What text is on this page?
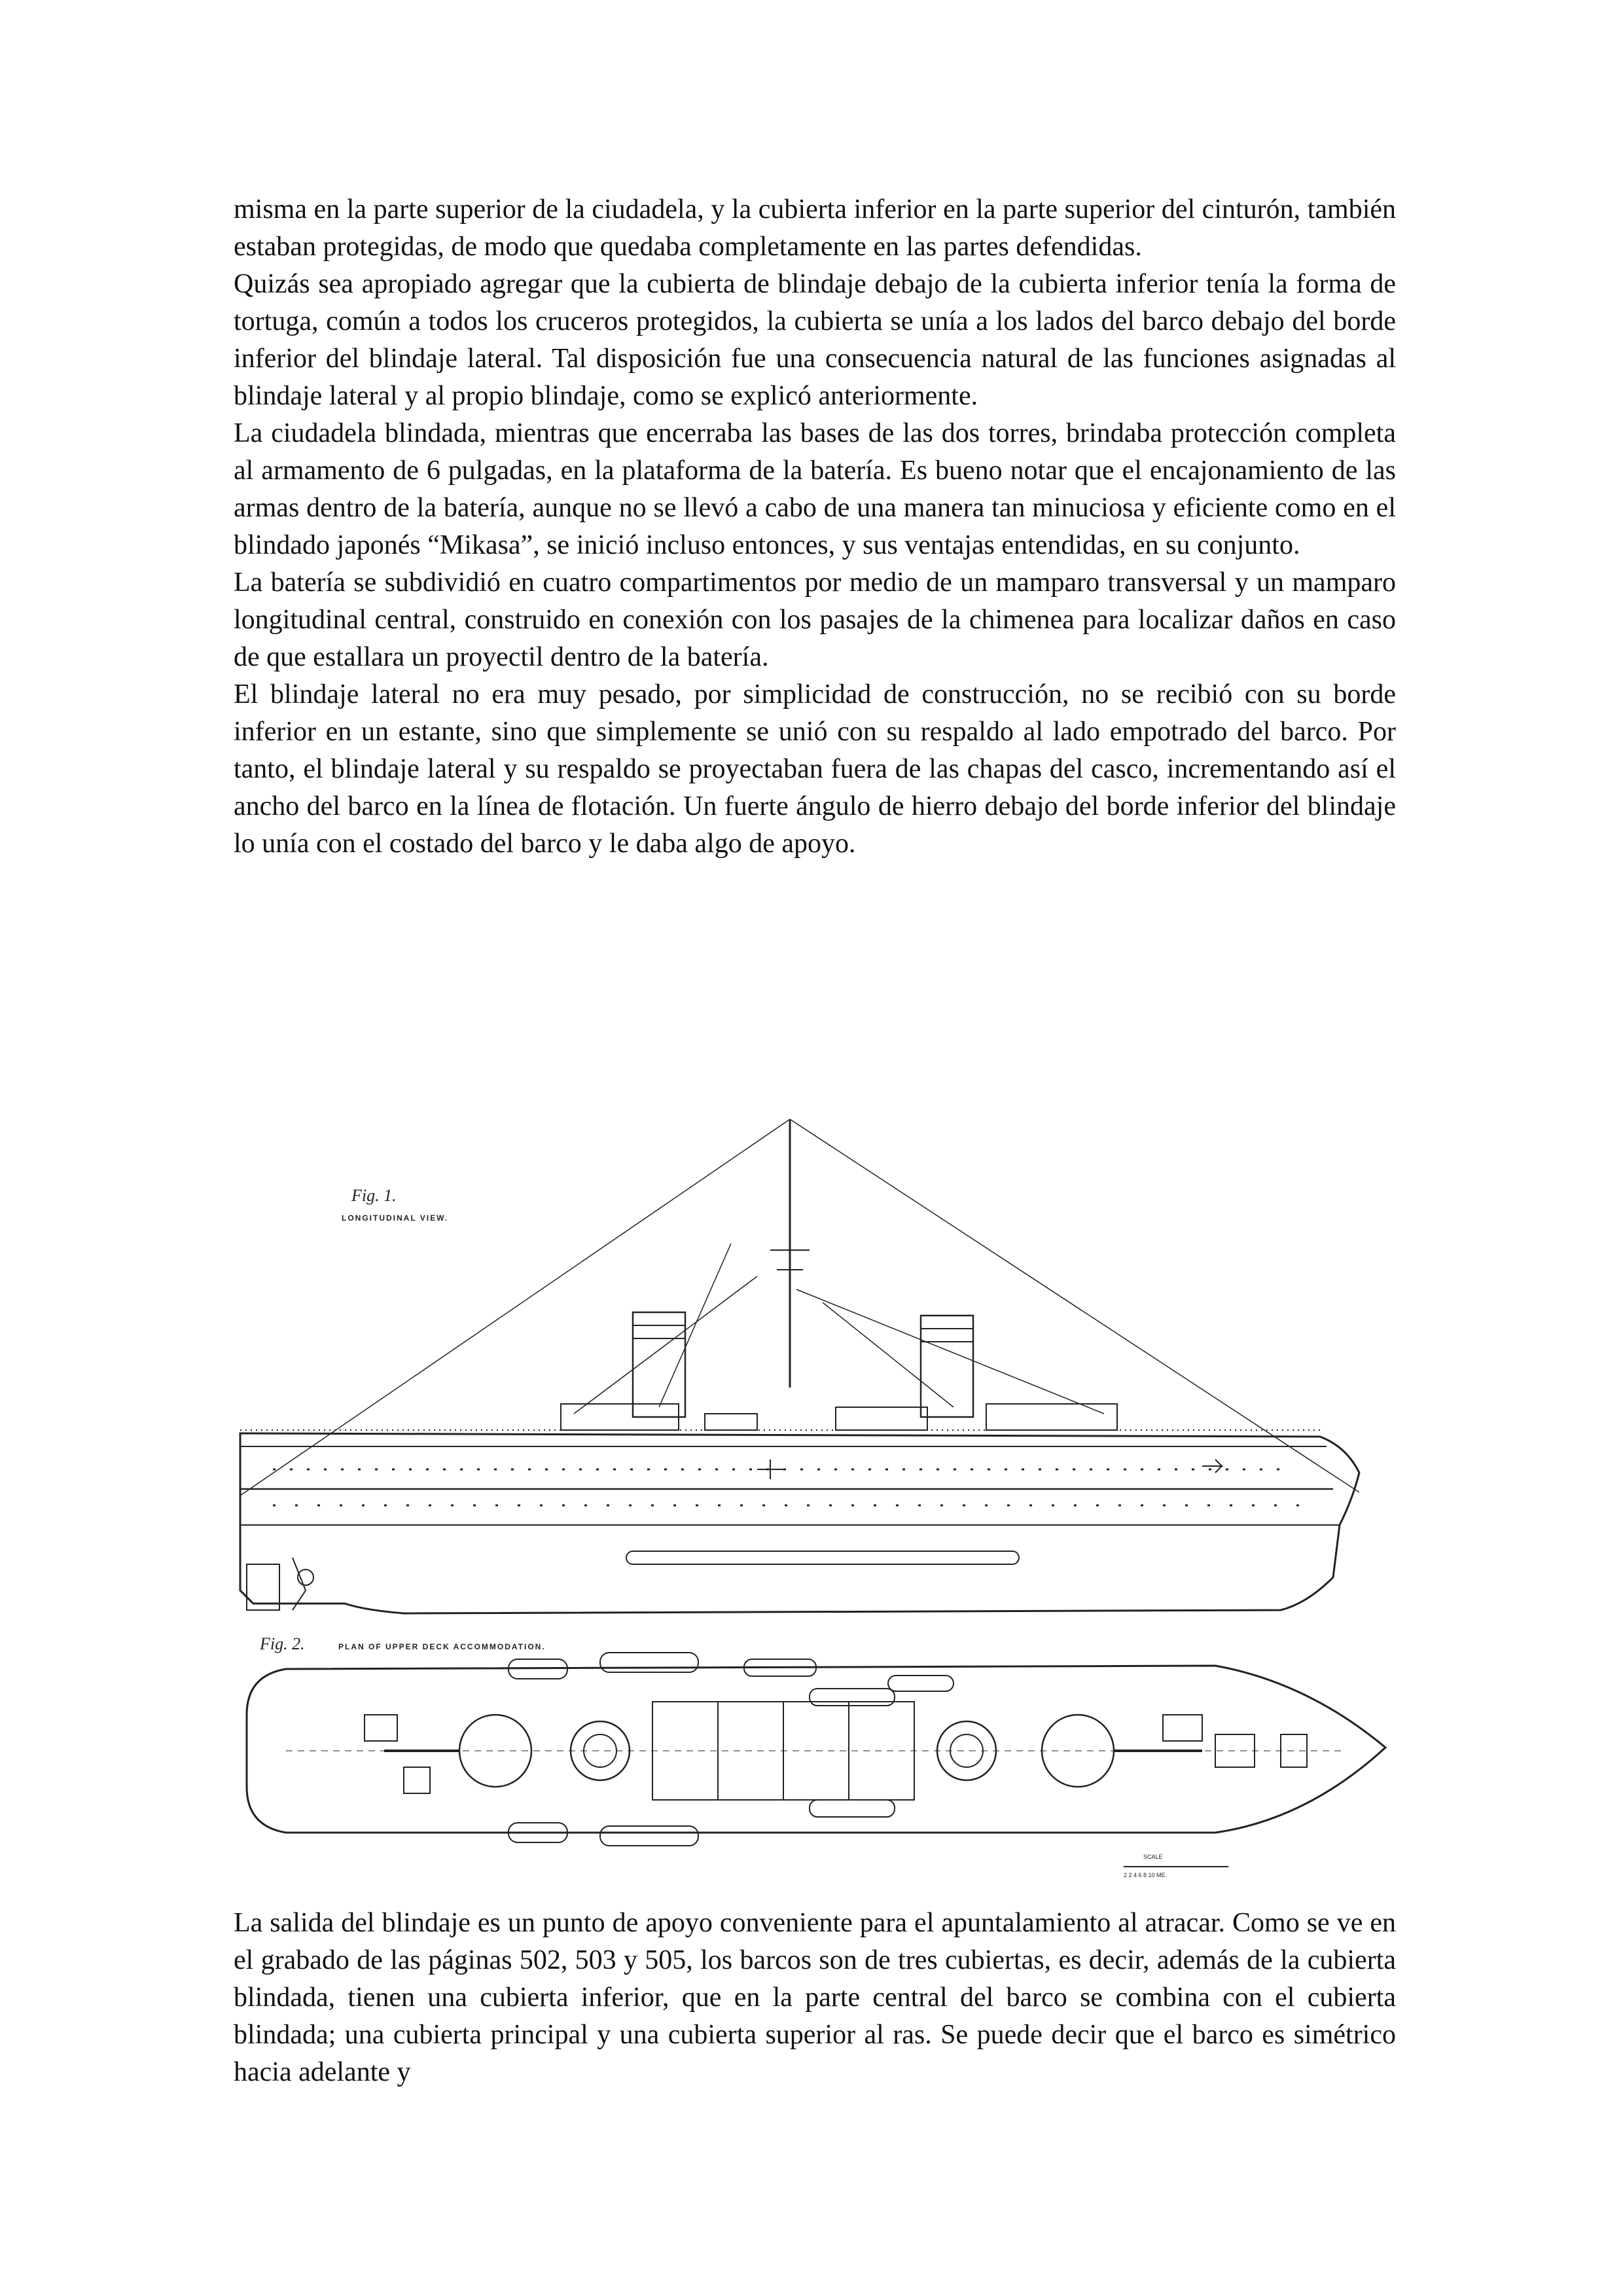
misma en la parte superior de la ciudadela, y la cubierta inferior en la parte superior del cinturón, también estaban protegidas, de modo que quedaba completamente en las partes defendidas.

Quizás sea apropiado agregar que la cubierta de blindaje debajo de la cubierta inferior tenía la forma de tortuga, común a todos los cruceros protegidos, la cubierta se unía a los lados del barco debajo del borde inferior del blindaje lateral. Tal disposición fue una consecuencia natural de las funciones asignadas al blindaje lateral y al propio blindaje, como se explicó anteriormente.

La ciudadela blindada, mientras que encerraba las bases de las dos torres, brindaba protección completa al armamento de 6 pulgadas, en la plataforma de la batería. Es bueno notar que el encajonamiento de las armas dentro de la batería, aunque no se llevó a cabo de una manera tan minuciosa y eficiente como en el blindado japonés “Mikasa”, se inició incluso entonces, y sus ventajas entendidas, en su conjunto.

La batería se subdividió en cuatro compartimentos por medio de un mamparo transversal y un mamparo longitudinal central, construido en conexión con los pasajes de la chimenea para localizar daños en caso de que estallara un proyectil dentro de la batería.

El blindaje lateral no era muy pesado, por simplicidad de construcción, no se recibió con su borde inferior en un estante, sino que simplemente se unió con su respaldo al lado empotrado del barco. Por tanto, el blindaje lateral y su respaldo se proyectaban fuera de las chapas del casco, incrementando así el ancho del barco en la línea de flotación. Un fuerte ángulo de hierro debajo del borde inferior del blindaje lo unía con el costado del barco y le daba algo de apoyo.

Fig. 1.
LONGITUDINAL VIEW.
Fig. 2.	PLAN OF UPPER DECK ACCOMMODATION.
SCALE
2 2 4 6 8 10 ME.

La salida del blindaje es un punto de apoyo conveniente para el apuntalamiento al atracar. Como se ve en el grabado de las páginas 502, 503 y 505, los barcos son de tres cubiertas, es decir, además de la cubierta blindada, tienen una cubierta inferior, que en la parte central del barco se combina con el cubierta blindada; una cubierta principal y una cubierta superior al ras. Se puede decir que el barco es simétrico hacia adelante y
